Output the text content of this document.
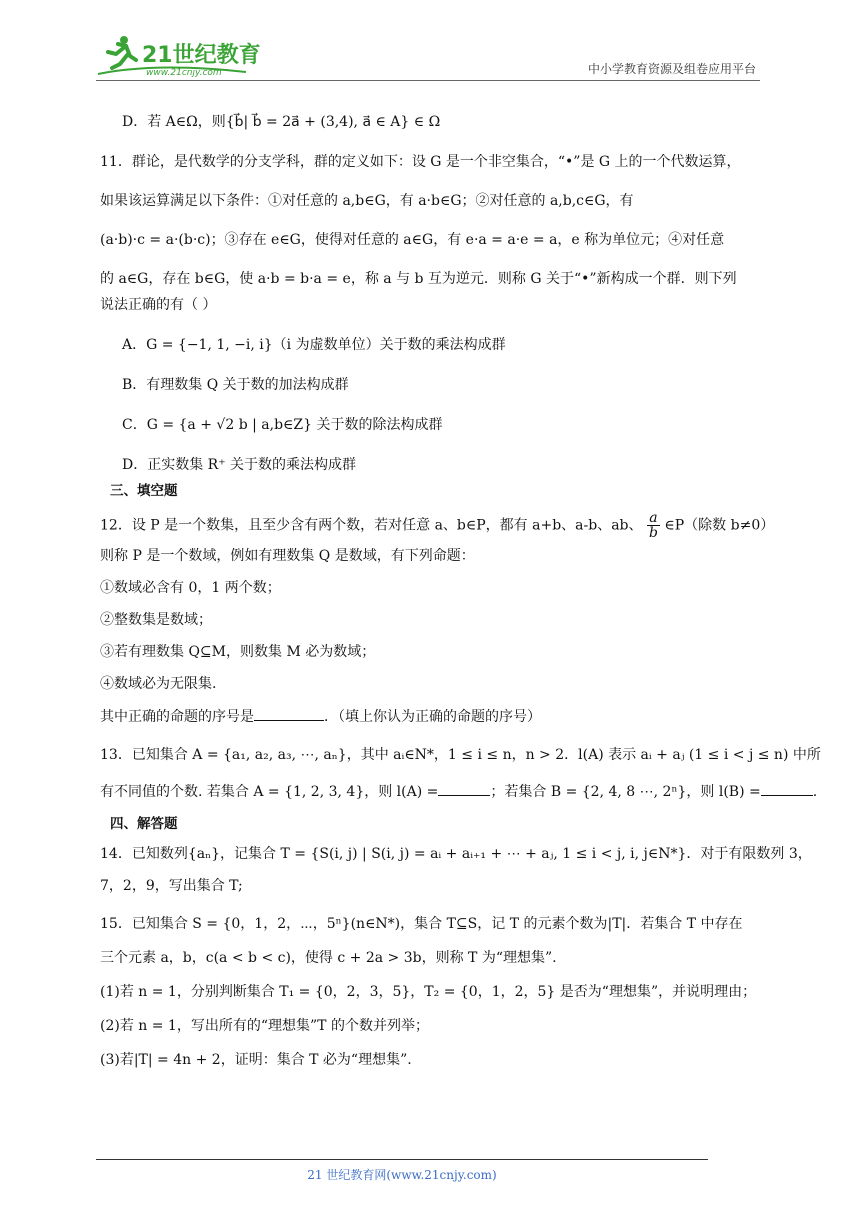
21世纪教育
www.21cnjy.com	中小学教育资源及组卷应用平台
D．若 A∈Ω，则{b⃗| b⃗ = 2a⃗ + (3,4), a⃗ ∈ A} ∈ Ω
11．群论，是代数学的分支学科，群的定义如下：设 G 是一个非空集合，“•”是 G 上的一个代数运算，
如果该运算满足以下条件：①对任意的 a,b∈G，有 a·b∈G；②对任意的 a,b,c∈G，有
(a·b)·c = a·(b·c)；③存在 e∈G，使得对任意的 a∈G，有 e·a = a·e = a，e 称为单位元；④对任意
的 a∈G，存在 b∈G，使 a·b = b·a = e，称 a 与 b 互为逆元．则称 G 关于“•”新构成一个群．则下列
说法正确的有（ ）
A．G = {−1, 1, −i, i}（i 为虚数单位）关于数的乘法构成群
B．有理数集 Q 关于数的加法构成群
C．G = {a + √2 b | a,b∈Z} 关于数的除法构成群
D．正实数集 R⁺ 关于数的乘法构成群
三、填空题
12．设 P 是一个数集，且至少含有两个数，若对任意 a、b∈P，都有 a+b、a-b、ab、 $\frac{a}{b}$ ∈P（除数 b≠0）
则称 P 是一个数域，例如有理数集 Q 是数域，有下列命题：
①数域必含有 0，1 两个数；
②整数集是数域；
③若有理数集 Q⊆M，则数集 M 必为数域；
④数域必为无限集.
其中正确的命题的序号是	．（填上你认为正确的命题的序号）
13．已知集合 A = {a₁, a₂, a₃, ⋯, aₙ}，其中 aᵢ∈N*，1 ≤ i ≤ n，n > 2．l(A) 表示 aᵢ + aⱼ (1 ≤ i < j ≤ n) 中所
有不同值的个数. 若集合 A = {1, 2, 3, 4}，则 l(A) =	；若集合 B = {2, 4, 8 ⋯, 2ⁿ}，则 l(B) =	.
四、解答题
14．已知数列{aₙ}，记集合 T = {S(i, j) | S(i, j) = aᵢ + aᵢ₊₁ + ⋯ + aⱼ, 1 ≤ i < j, i, j∈N*}．对于有限数列 3，
7，2，9，写出集合 T;
15．已知集合 S = {0，1，2，⋯，5ⁿ}(n∈N*)，集合 T⊆S，记 T 的元素个数为|T|．若集合 T 中存在
三个元素 a，b，c(a < b < c)，使得 c + 2a > 3b，则称 T 为“理想集”.
(1)若 n = 1，分别判断集合 T₁ = {0，2，3，5}，T₂ = {0，1，2，5} 是否为“理想集”，并说明理由；
(2)若 n = 1，写出所有的“理想集”T 的个数并列举；
(3)若|T| = 4n + 2，证明：集合 T 必为“理想集”.
21 世纪教育网(www.21cnjy.com)
